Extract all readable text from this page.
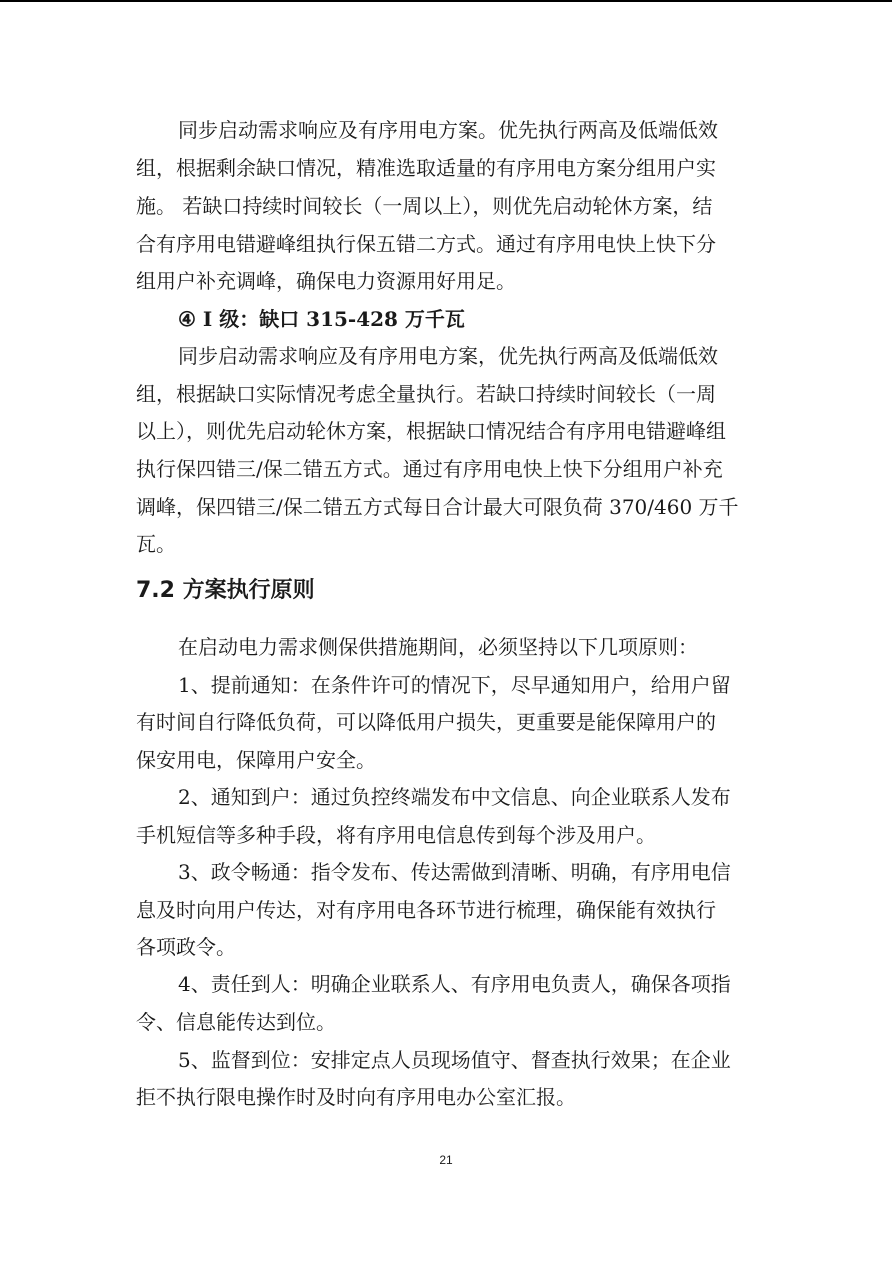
同步启动需求响应及有序用电方案。优先执行两高及低端低效

组，根据剩余缺口情况，精准选取适量的有序用电方案分组用户实

施。 若缺口持续时间较长（一周以上），则优先启动轮休方案，结

合有序用电错避峰组执行保五错二方式。通过有序用电快上快下分

组用户补充调峰，确保电力资源用好用足。

④ I 级：缺口 315-428 万千瓦

同步启动需求响应及有序用电方案，优先执行两高及低端低效

组，根据缺口实际情况考虑全量执行。若缺口持续时间较长（一周

以上），则优先启动轮休方案，根据缺口情况结合有序用电错避峰组

执行保四错三/保二错五方式。通过有序用电快上快下分组用户补充

调峰，保四错三/保二错五方式每日合计最大可限负荷 370/460 万千

瓦。

7.2 方案执行原则

在启动电力需求侧保供措施期间，必须坚持以下几项原则：

1、提前通知：在条件许可的情况下，尽早通知用户，给用户留

有时间自行降低负荷，可以降低用户损失，更重要是能保障用户的

保安用电，保障用户安全。

2、通知到户：通过负控终端发布中文信息、向企业联系人发布

手机短信等多种手段，将有序用电信息传到每个涉及用户。

3、政令畅通：指令发布、传达需做到清晰、明确，有序用电信

息及时向用户传达，对有序用电各环节进行梳理，确保能有效执行

各项政令。

4、责任到人：明确企业联系人、有序用电负责人，确保各项指

令、信息能传达到位。

5、监督到位：安排定点人员现场值守、督查执行效果；在企业

拒不执行限电操作时及时向有序用电办公室汇报。

21
